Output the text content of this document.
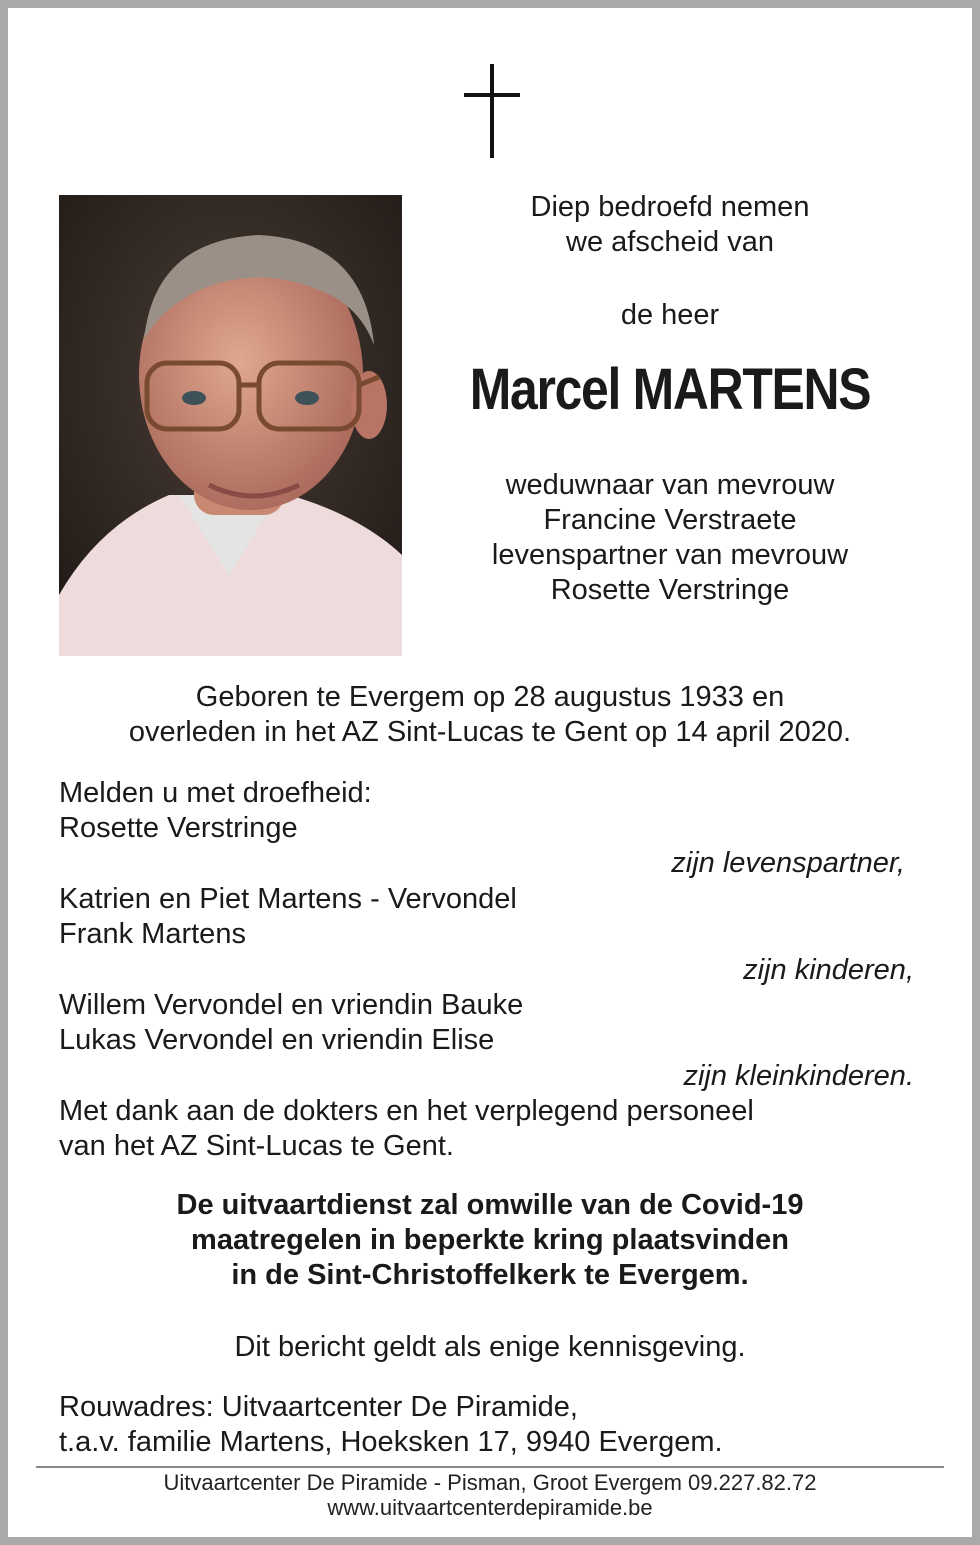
Diep bedroefd nemen
we afscheid van
de heer
Marcel MARTENS
weduwnaar van mevrouw
Francine Verstraete
levenspartner van mevrouw
Rosette Verstringe
Geboren te Evergem op 28 augustus 1933 en
overleden in het AZ Sint-Lucas te Gent op 14 april 2020.
Melden u met droefheid:
Rosette Verstringe
zijn levenspartner,
Katrien en Piet Martens - Vervondel
Frank Martens
zijn kinderen,
Willem Vervondel en vriendin Bauke
Lukas Vervondel en vriendin Elise
zijn kleinkinderen.
Met dank aan de dokters en het verplegend personeel
van het AZ Sint-Lucas te Gent.
De uitvaartdienst zal omwille van de Covid-19
maatregelen in beperkte kring plaatsvinden
in de Sint-Christoffelkerk te Evergem.
Dit bericht geldt als enige kennisgeving.
Rouwadres: Uitvaartcenter De Piramide,
t.a.v. familie Martens, Hoeksken 17, 9940 Evergem.
Uitvaartcenter De Piramide - Pisman, Groot Evergem 09.227.82.72
www.uitvaartcenterdepiramide.be
